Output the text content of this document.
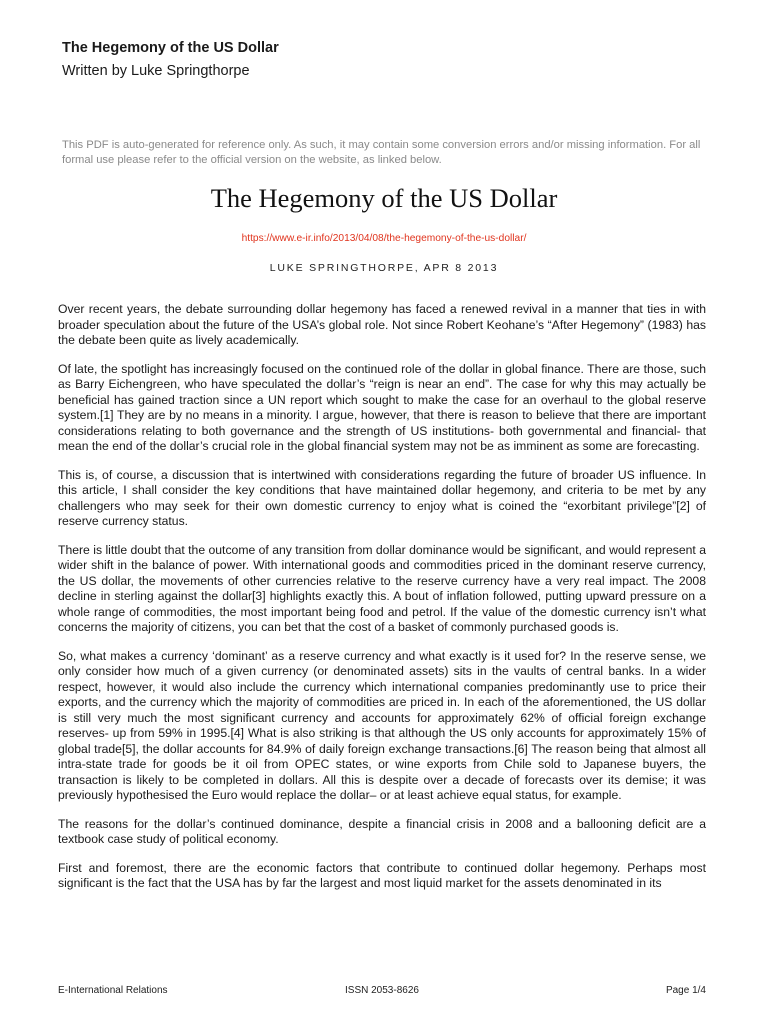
The Hegemony of the US Dollar
Written by Luke Springthorpe
This PDF is auto-generated for reference only. As such, it may contain some conversion errors and/or missing information. For all formal use please refer to the official version on the website, as linked below.
The Hegemony of the US Dollar
https://www.e-ir.info/2013/04/08/the-hegemony-of-the-us-dollar/
LUKE SPRINGTHORPE, APR 8 2013

Over recent years, the debate surrounding dollar hegemony has faced a renewed revival in a manner that ties in with broader speculation about the future of the USA’s global role. Not since Robert Keohane’s “After Hegemony” (1983) has the debate been quite as lively academically.

Of late, the spotlight has increasingly focused on the continued role of the dollar in global finance. There are those, such as Barry Eichengreen, who have speculated the dollar’s “reign is near an end”. The case for why this may actually be beneficial has gained traction since a UN report which sought to make the case for an overhaul to the global reserve system.[1] They are by no means in a minority. I argue, however, that there is reason to believe that there are important considerations relating to both governance and the strength of US institutions- both governmental and financial- that mean the end of the dollar’s crucial role in the global financial system may not be as imminent as some are forecasting.

This is, of course, a discussion that is intertwined with considerations regarding the future of broader US influence. In this article, I shall consider the key conditions that have maintained dollar hegemony, and criteria to be met by any challengers who may seek for their own domestic currency to enjoy what is coined the “exorbitant privilege”[2] of reserve currency status.

There is little doubt that the outcome of any transition from dollar dominance would be significant, and would represent a wider shift in the balance of power. With international goods and commodities priced in the dominant reserve currency, the US dollar, the movements of other currencies relative to the reserve currency have a very real impact. The 2008 decline in sterling against the dollar[3] highlights exactly this. A bout of inflation followed, putting upward pressure on a whole range of commodities, the most important being food and petrol. If the value of the domestic currency isn’t what concerns the majority of citizens, you can bet that the cost of a basket of commonly purchased goods is.

So, what makes a currency ‘dominant’ as a reserve currency and what exactly is it used for? In the reserve sense, we only consider how much of a given currency (or denominated assets) sits in the vaults of central banks. In a wider respect, however, it would also include the currency which international companies predominantly use to price their exports, and the currency which the majority of commodities are priced in. In each of the aforementioned, the US dollar is still very much the most significant currency and accounts for approximately 62% of official foreign exchange reserves- up from 59% in 1995.[4] What is also striking is that although the US only accounts for approximately 15% of global trade[5], the dollar accounts for 84.9% of daily foreign exchange transactions.[6] The reason being that almost all intra-state trade for goods be it oil from OPEC states, or wine exports from Chile sold to Japanese buyers, the transaction is likely to be completed in dollars. All this is despite over a decade of forecasts over its demise; it was previously hypothesised the Euro would replace the dollar– or at least achieve equal status, for example.

The reasons for the dollar’s continued dominance, despite a financial crisis in 2008 and a ballooning deficit are a textbook case study of political economy.

First and foremost, there are the economic factors that contribute to continued dollar hegemony. Perhaps most significant is the fact that the USA has by far the largest and most liquid market for the assets denominated in its

E-International Relations	ISSN 2053-8626	Page 1/4
